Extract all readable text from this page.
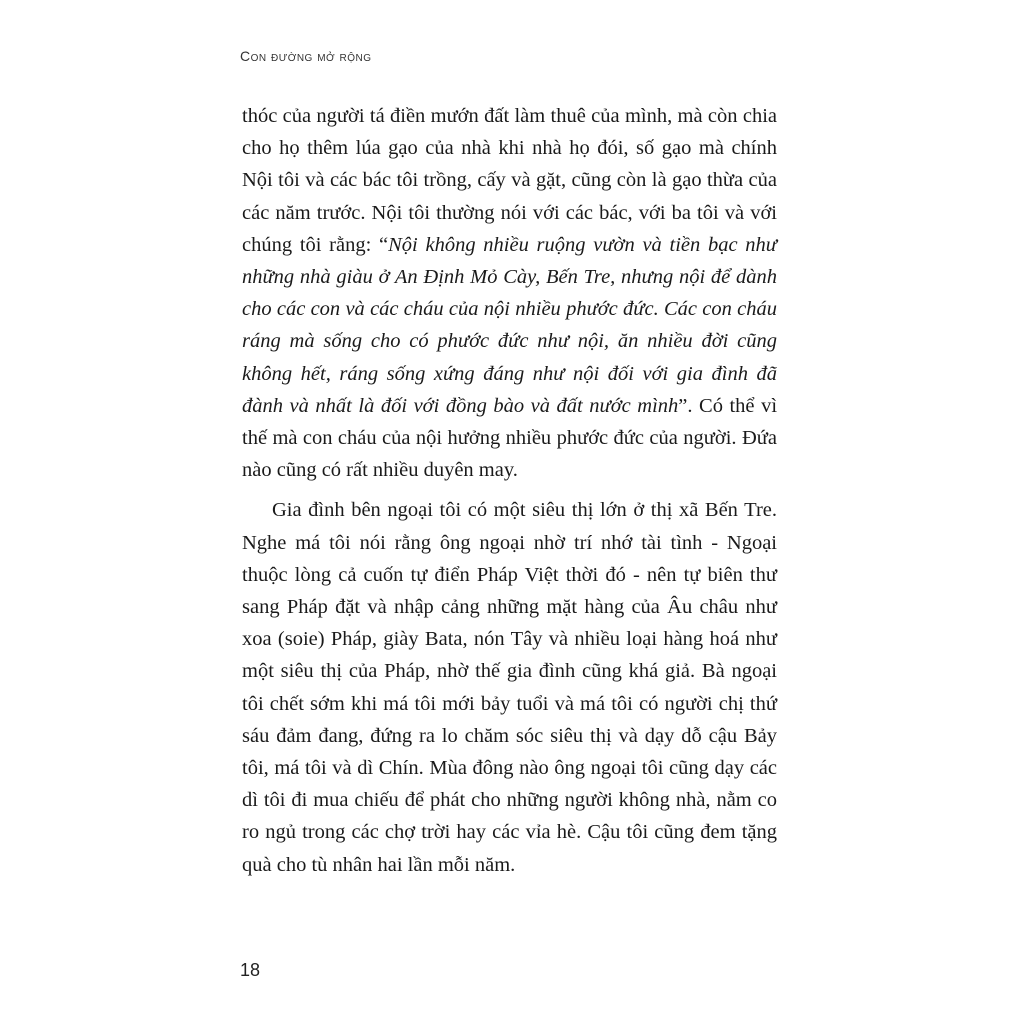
Con đường mở rộng

thóc của người tá điền mướn đất làm thuê của mình, mà còn chia cho họ thêm lúa gạo của nhà khi nhà họ đói, số gạo mà chính Nội tôi và các bác tôi trồng, cấy và gặt, cũng còn là gạo thừa của các năm trước. Nội tôi thường nói với các bác, với ba tôi và với chúng tôi rằng: “Nội không nhiều ruộng vườn và tiền bạc như những nhà giàu ở An Định Mỏ Cày, Bến Tre, nhưng nội để dành cho các con và các cháu của nội nhiều phước đức. Các con cháu ráng mà sống cho có phước đức như nội, ăn nhiều đời cũng không hết, ráng sống xứng đáng như nội đối với gia đình đã đành và nhất là đối với đồng bào và đất nước mình”. Có thể vì thế mà con cháu của nội hưởng nhiều phước đức của người. Đứa nào cũng có rất nhiều duyên may.

Gia đình bên ngoại tôi có một siêu thị lớn ở thị xã Bến Tre. Nghe má tôi nói rằng ông ngoại nhờ trí nhớ tài tình - Ngoại thuộc lòng cả cuốn tự điển Pháp Việt thời đó - nên tự biên thư sang Pháp đặt và nhập cảng những mặt hàng của Âu châu như xoa (soie) Pháp, giày Bata, nón Tây và nhiều loại hàng hoá như một siêu thị của Pháp, nhờ thế gia đình cũng khá giả. Bà ngoại tôi chết sớm khi má tôi mới bảy tuổi và má tôi có người chị thứ sáu đảm đang, đứng ra lo chăm sóc siêu thị và dạy dỗ cậu Bảy tôi, má tôi và dì Chín. Mùa đông nào ông ngoại tôi cũng dạy các dì tôi đi mua chiếu để phát cho những người không nhà, nằm co ro ngủ trong các chợ trời hay các vỉa hè. Cậu tôi cũng đem tặng quà cho tù nhân hai lần mỗi năm.

18
